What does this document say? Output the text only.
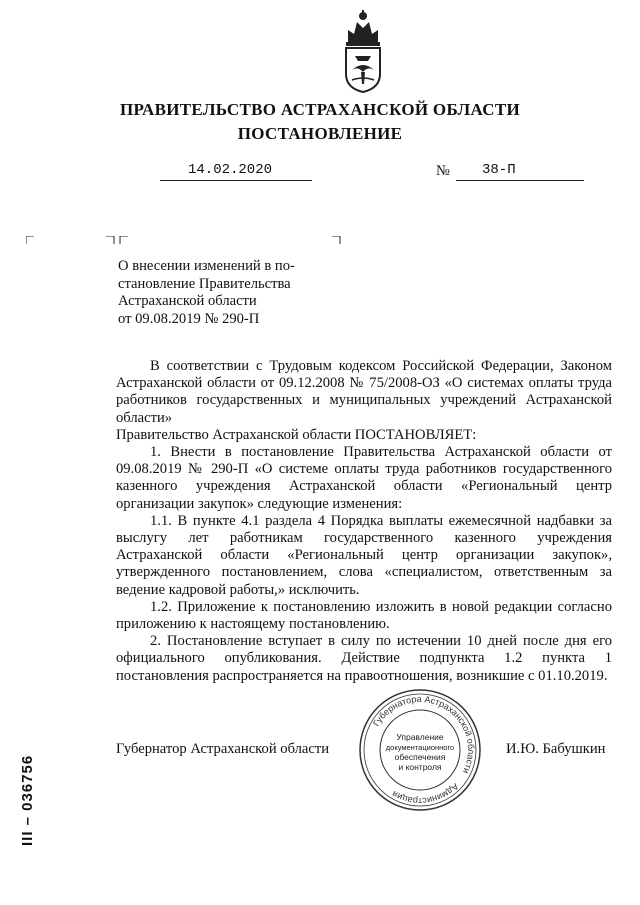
ПРАВИТЕЛЬСТВО АСТРАХАНСКОЙ ОБЛАСТИ
ПОСТАНОВЛЕНИЕ
14.02.2020	№ 38-П
О внесении изменений в по-
становление Правительства
Астраханской области
от 09.08.2019 № 290-П

В соответствии с Трудовым кодексом Российской Федерации, Законом Астраханской области от 09.12.2008 № 75/2008-ОЗ «О системах оплаты труда работников государственных и муниципальных учреждений Астраханской области»

Правительство Астраханской области ПОСТАНОВЛЯЕТ:

1. Внести в постановление Правительства Астраханской области от 09.08.2019 № 290-П «О системе оплаты труда работников государственного казенного учреждения Астраханской области «Региональный центр организации закупок» следующие изменения:

1.1. В пункте 4.1 раздела 4 Порядка выплаты ежемесячной надбавки за выслугу лет работникам государственного казенного учреждения Астраханской области «Региональный центр организации закупок», утвержденного постановлением, слова «специалистом, ответственным за ведение кадровой работы,» исключить.

1.2. Приложение к постановлению изложить в новой редакции согласно приложению к настоящему постановлению.

2. Постановление вступает в силу по истечении 10 дней после дня его официального опубликования. Действие подпункта 1.2 пункта 1 постановления распространяется на правоотношения, возникшие с 01.10.2019.

Губернатор Астраханской области	И.Ю. Бабушкин
Губернатора Астраханской области
Администрация
Управление
документационного
обеспечения
и контроля
III – 036756
